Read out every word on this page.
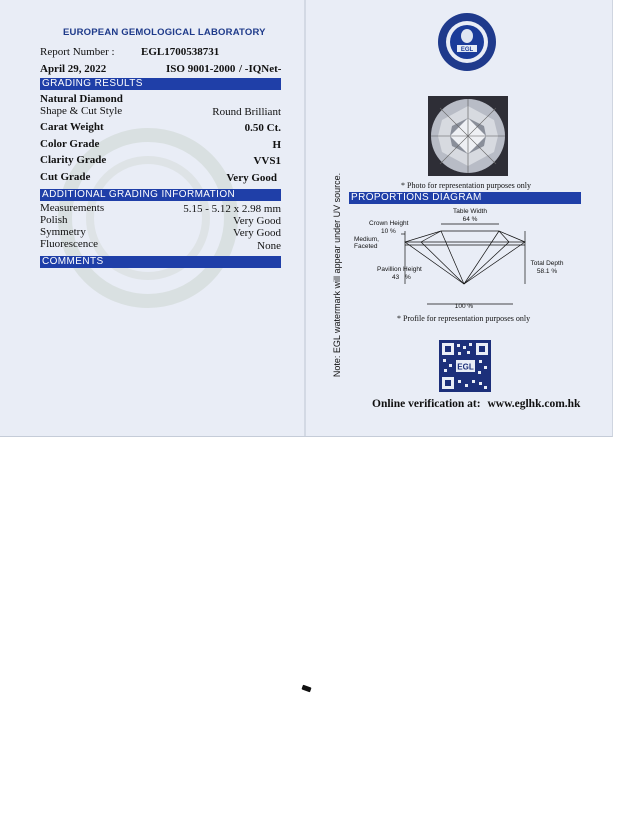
EUROPEAN GEMOLOGICAL LABORATORY
Report Number : EGL1700538731
April 29, 2022	ISO 9001-2000 / -IQNet-
GRADING RESULTS
Natural Diamond
Shape & Cut Style	Round Brilliant
Carat Weight	0.50 Ct.
Color Grade	H
Clarity Grade	VVS1
Cut Grade	Very Good
ADDITIONAL GRADING INFORMATION
Measurements	5.15 - 5.12 x 2.98 mm
Polish	Very Good
Symmetry	Very Good
Fluorescence	None
COMMENTS
EGL
* Photo for representation purposes only
PROPORTIONS DIAGRAM
Note: EGL watermark will appear under UV source.	Table Width
64 %
Crown Height
10 %
Medium,
Faceted
Pavillion Height
43 %
Total Depth
58.1 %
100 %
* Profile for representation purposes only
EGL
Online verification at: www.eglhk.com.hk
